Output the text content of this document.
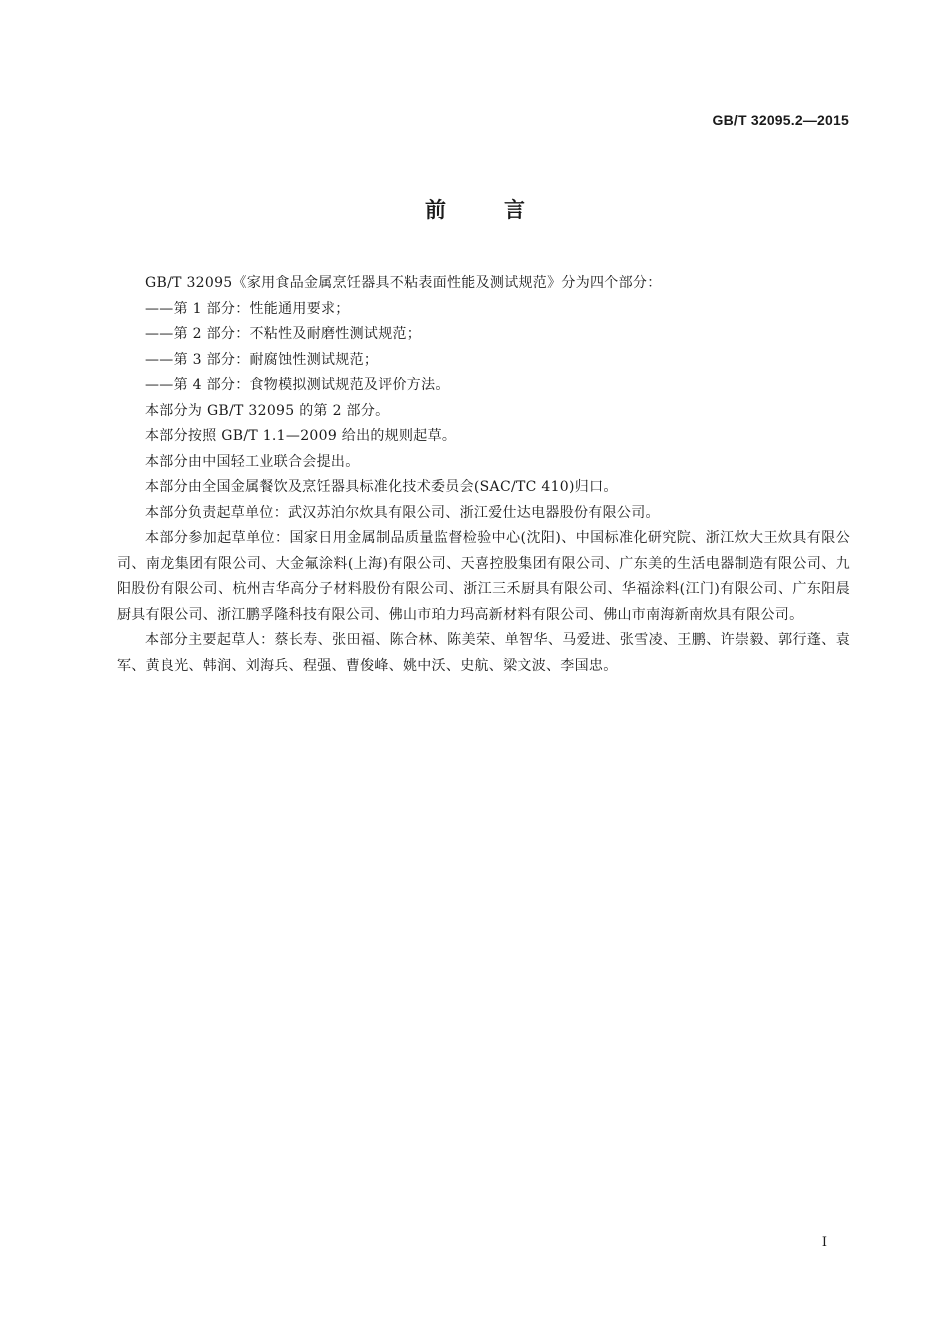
GB/T 32095.2—2015
前言

GB/T 32095《家用食品金属烹饪器具不粘表面性能及测试规范》分为四个部分：

——第 1 部分：性能通用要求；

——第 2 部分：不粘性及耐磨性测试规范；

——第 3 部分：耐腐蚀性测试规范；

——第 4 部分：食物模拟测试规范及评价方法。

本部分为 GB/T 32095 的第 2 部分。

本部分按照 GB/T 1.1—2009 给出的规则起草。

本部分由中国轻工业联合会提出。

本部分由全国金属餐饮及烹饪器具标准化技术委员会(SAC/TC 410)归口。

本部分负责起草单位：武汉苏泊尔炊具有限公司、浙江爱仕达电器股份有限公司。

本部分参加起草单位：国家日用金属制品质量监督检验中心(沈阳)、中国标准化研究院、浙江炊大王炊具有限公司、南龙集团有限公司、大金氟涂料(上海)有限公司、天喜控股集团有限公司、广东美的生活电器制造有限公司、九阳股份有限公司、杭州吉华高分子材料股份有限公司、浙江三禾厨具有限公司、华福涂料(江门)有限公司、广东阳晨厨具有限公司、浙江鹏孚隆科技有限公司、佛山市珀力玛高新材料有限公司、佛山市南海新南炊具有限公司。

本部分主要起草人：蔡长寿、张田福、陈合林、陈美荣、单智华、马爱进、张雪凌、王鹏、许崇毅、郭行蓬、袁军、黄良光、韩润、刘海兵、程强、曹俊峰、姚中沃、史航、梁文波、李国忠。

I
